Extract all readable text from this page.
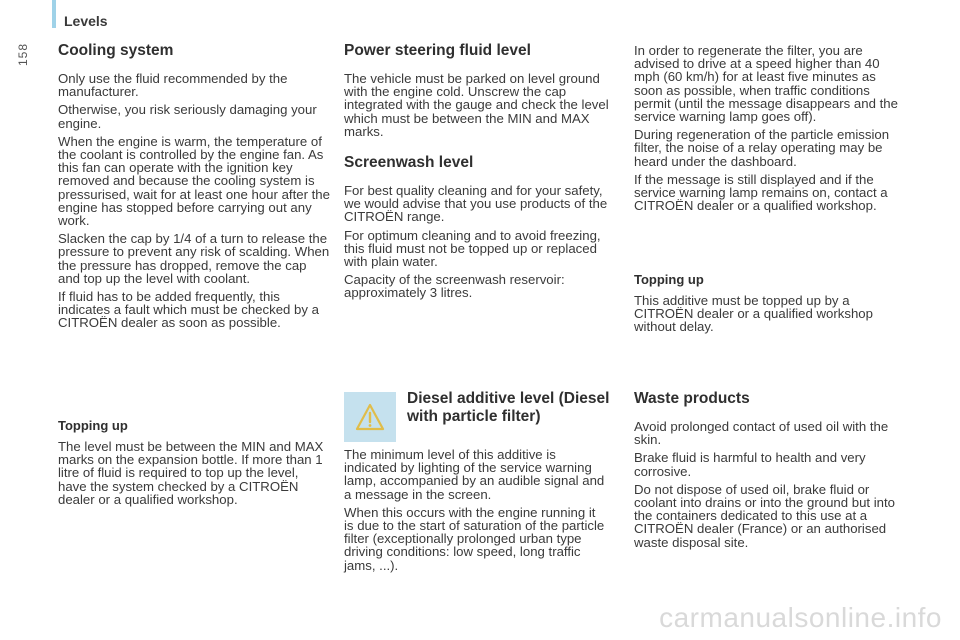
Levels
158 Cooling system
Only use the fluid recommended by the manufacturer.
Otherwise, you risk seriously damaging your engine.
When the engine is warm, the temperature of the coolant is controlled by the engine fan. As this fan can operate with the ignition key removed and because the cooling system is pressurised, wait for at least one hour after the engine has stopped before carrying out any work.
Slacken the cap by 1/4 of a turn to release the pressure to prevent any risk of scalding. When the pressure has dropped, remove the cap and top up the level with coolant.
If fluid has to be added frequently, this indicates a fault which must be checked by a CITROËN dealer as soon as possible.
Topping up
The level must be between the MIN and MAX marks on the expansion bottle. If more than 1 litre of fluid is required to top up the level, have the system checked by a CITROËN dealer or a qualified workshop.
Power steering fluid level
The vehicle must be parked on level ground with the engine cold. Unscrew the cap integrated with the gauge and check the level which must be between the MIN and MAX marks.
Screenwash level
For best quality cleaning and for your safety, we would advise that you use products of the CITROËN range.
For optimum cleaning and to avoid freezing, this fluid must not be topped up or replaced with plain water.
Capacity of the screenwash reservoir: approximately 3 litres.
Diesel additive level (Diesel with particle filter)
The minimum level of this additive is indicated by lighting of the service warning lamp, accompanied by an audible signal and a message in the screen.
When this occurs with the engine running it is due to the start of saturation of the particle filter (exceptionally prolonged urban type driving conditions: low speed, long traffic jams, ...).
In order to regenerate the filter, you are advised to drive at a speed higher than 40 mph (60 km/h) for at least five minutes as soon as possible, when traffic conditions permit (until the message disappears and the service warning lamp goes off).
During regeneration of the particle emission filter, the noise of a relay operating may be heard under the dashboard.
If the message is still displayed and if the service warning lamp remains on, contact a CITROËN dealer or a qualified workshop.
Topping up
This additive must be topped up by a CITROËN dealer or a qualified workshop without delay.
Waste products
Avoid prolonged contact of used oil with the skin.
Brake fluid is harmful to health and very corrosive.
Do not dispose of used oil, brake fluid or coolant into drains or into the ground but into the containers dedicated to this use at a CITROËN dealer (France) or an authorised waste disposal site.
carmanualsonline.info
